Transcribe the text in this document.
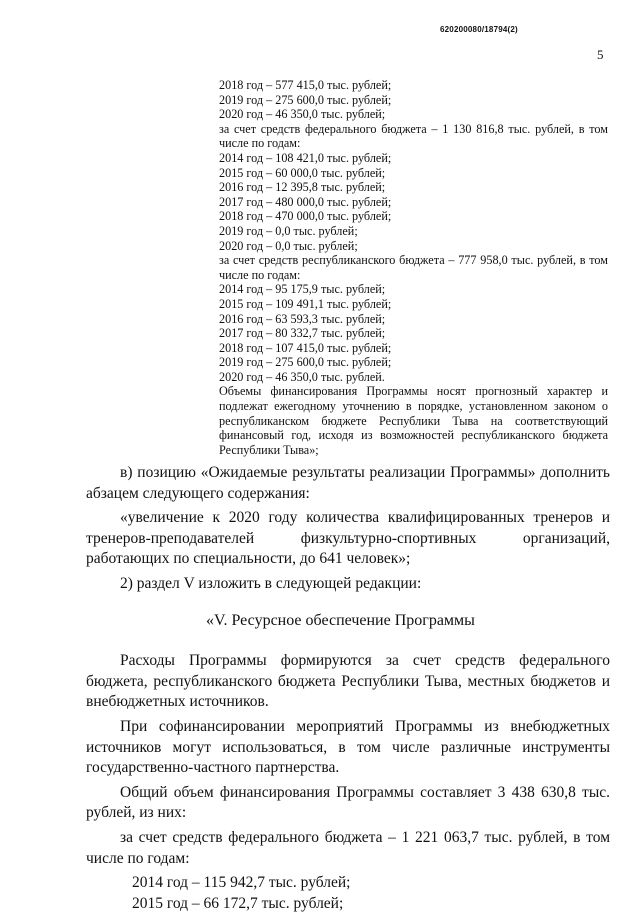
620200080/18794(2)
5
2018 год – 577 415,0 тыс. рублей;
2019 год – 275 600,0 тыс. рублей;
2020 год – 46 350,0 тыс. рублей;
за счет средств федерального бюджета – 1 130 816,8 тыс. рублей, в том числе по годам:
2014 год – 108 421,0 тыс. рублей;
2015 год – 60 000,0 тыс. рублей;
2016 год – 12 395,8 тыс. рублей;
2017 год – 480 000,0 тыс. рублей;
2018 год – 470 000,0 тыс. рублей;
2019 год – 0,0 тыс. рублей;
2020 год – 0,0 тыс. рублей;
за счет средств республиканского бюджета – 777 958,0 тыс. рублей, в том числе по годам:
2014 год – 95 175,9 тыс. рублей;
2015 год – 109 491,1 тыс. рублей;
2016 год – 63 593,3 тыс. рублей;
2017 год – 80 332,7 тыс. рублей;
2018 год – 107 415,0 тыс. рублей;
2019 год – 275 600,0 тыс. рублей;
2020 год – 46 350,0 тыс. рублей.
Объемы финансирования Программы носят прогнозный характер и подлежат ежегодному уточнению в порядке, установленном законом о республиканском бюджете Республики Тыва на соответствующий финансовый год, исходя из возможностей республиканского бюджета Республики Тыва»;

в) позицию «Ожидаемые результаты реализации Программы» дополнить абзацем следующего содержания:

«увеличение к 2020 году количества квалифицированных тренеров и тренеров-преподавателей физкультурно-спортивных организаций, работающих по специальности, до 641 человек»;

2) раздел V изложить в следующей редакции:

«V. Ресурсное обеспечение Программы

Расходы Программы формируются за счет средств федерального бюджета, республиканского бюджета Республики Тыва, местных бюджетов и внебюджетных источников.

При софинансировании мероприятий Программы из внебюджетных источников могут использоваться, в том числе различные инструменты государственно-частного партнерства.

Общий объем финансирования Программы составляет 3 438 630,8 тыс. рублей, из них:

за счет средств федерального бюджета – 1 221 063,7 тыс. рублей, в том числе по годам:

2014 год – 115 942,7 тыс. рублей;

2015 год – 66 172,7 тыс. рублей;
